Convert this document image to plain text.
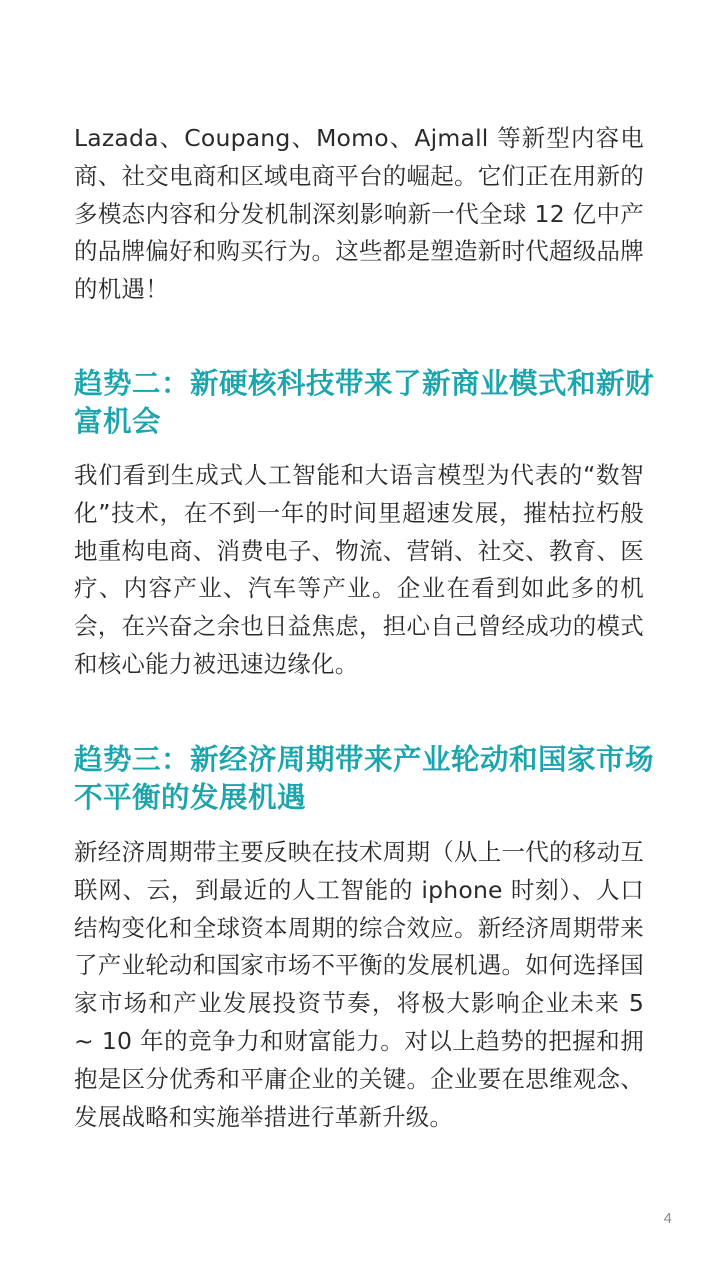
Lazada、Coupang、Momo、Ajmall 等新型内容电商、社交电商和区域电商平台的崛起。它们正在用新的多模态内容和分发机制深刻影响新一代全球 12 亿中产的品牌偏好和购买行为。这些都是塑造新时代超级品牌的机遇！
趋势二：新硬核科技带来了新商业模式和新财富机会
我们看到生成式人工智能和大语言模型为代表的“数智化”技术，在不到一年的时间里超速发展，摧枯拉朽般地重构电商、消费电子、物流、营销、社交、教育、医疗、内容产业、汽车等产业。企业在看到如此多的机会，在兴奋之余也日益焦虑，担心自己曾经成功的模式和核心能力被迅速边缘化。
趋势三：新经济周期带来产业轮动和国家市场不平衡的发展机遇
新经济周期带主要反映在技术周期（从上一代的移动互联网、云，到最近的人工智能的 iphone 时刻）、人口结构变化和全球资本周期的综合效应。新经济周期带来了产业轮动和国家市场不平衡的发展机遇。如何选择国家市场和产业发展投资节奏，将极大影响企业未来 5 ~ 10 年的竞争力和财富能力。对以上趋势的把握和拥抱是区分优秀和平庸企业的关键。企业要在思维观念、发展战略和实施举措进行革新升级。
4
